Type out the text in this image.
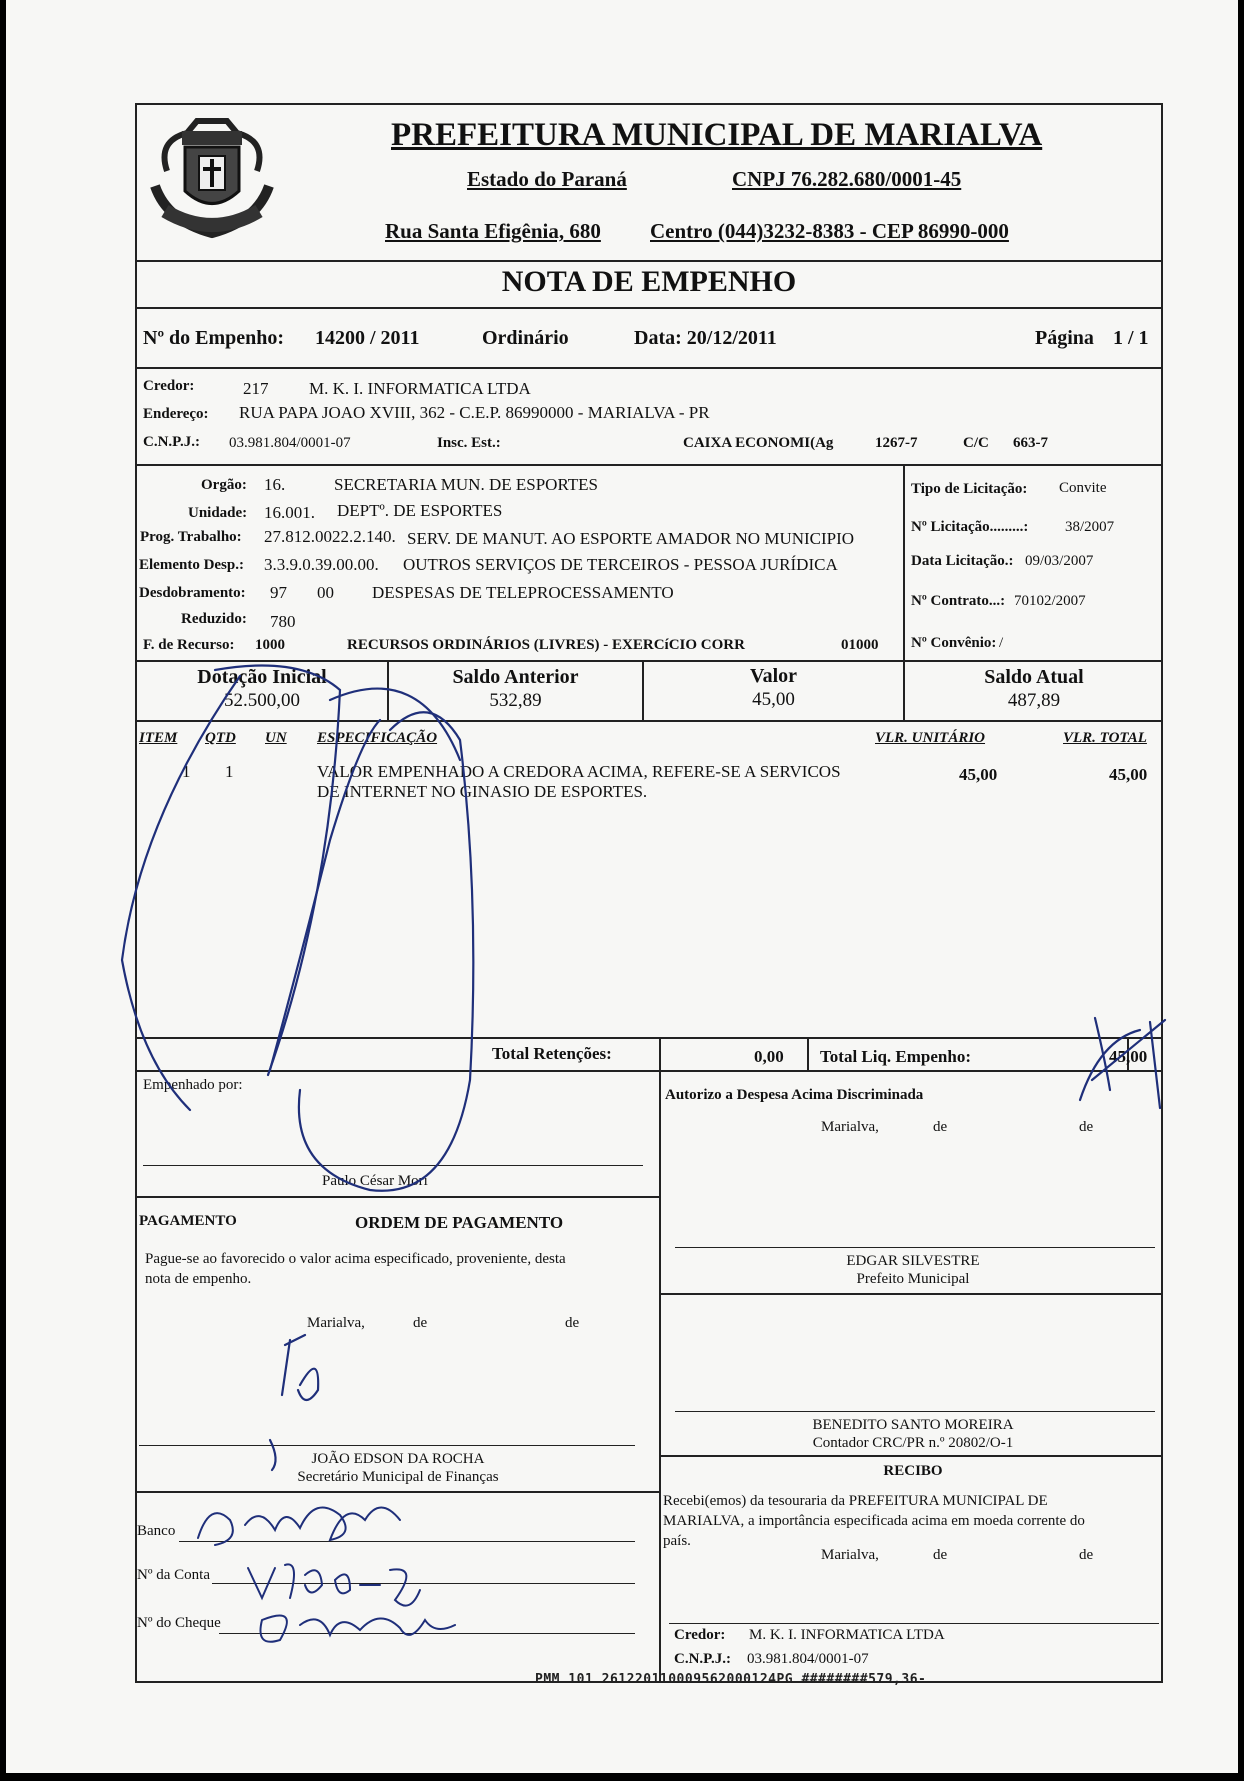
PREFEITURA MUNICIPAL DE MARIALVA
Estado do Paraná	CNPJ 76.282.680/0001-45
Rua Santa Efigênia, 680 Centro (044)3232-8383 - CEP 86990-000
NOTA DE EMPENHO
Nº do Empenho: 14200 / 2011	Ordinário	Data: 20/12/2011	Página 1 / 1
Credor:	217 M. K. I. INFORMATICA LTDA
Endereço: RUA PAPA JOAO XVIII, 362 - C.E.P. 86990000 - MARIALVA - PR
C.N.P.J.: 03.981.804/0001-07	Insc. Est.:	CAIXA ECONOMI(Ag	1267-7	C/C 663-7
Orgão: 16.	SECRETARIA MUN. DE ESPORTES
Unidade: 16.001. DEPTº. DE ESPORTES
Prog. Trabalho: 27.812.0022.2.140. SERV. DE MANUT. AO ESPORTE AMADOR NO MUNICIPIO
Elemento Desp.: 3.3.9.0.39.00.00. OUTROS SERVIÇOS DE TERCEIROS - PESSOA JURÍDICA
Desdobramento: 97 00 DESPESAS DE TELEPROCESSAMENTO
Reduzido: 780
F. de Recurso: 1000	RECURSOS ORDINÁRIOS (LIVRES) - EXERCíCIO CORR	01000
Tipo de Licitação: Convite
Nº Licitação.........: 38/2007
Data Licitação.: 09/03/2007
Nº Contrato...: 70102/2007
Nº Convênio: /
Dotação Inicial
52.500,00
Saldo Anterior
532,89
Valor
45,00
Saldo Atual
487,89
ITEM QTD UN ESPECIFICAÇÃO	VLR. UNITÁRIO	VLR. TOTAL
1 1	VALOR EMPENHADO A CREDORA ACIMA, REFERE-SE A SERVICOS
DE INTERNET NO GINASIO DE ESPORTES.
45,00	45,00
Total Retenções:	0,00 Total Liq. Empenho:	45,00
Empenhado por:
Paulo César Mori
PAGAMENTO	ORDEM DE PAGAMENTO
Pague-se ao favorecido o valor acima especificado, proveniente, desta
nota de empenho.
Marialva,	de	de
JOÃO EDSON DA ROCHA
Secretário Municipal de Finanças
Banco
Nº da Conta
Nº do Cheque
Autorizo a Despesa Acima Discriminada
Marialva,	de	de
EDGAR SILVESTRE
Prefeito Municipal
BENEDITO SANTO MOREIRA
Contador CRC/PR n.º 20802/O-1
RECIBO
Recebi(emos) da tesouraria da PREFEITURA MUNICIPAL DE
MARIALVA, a importância especificada acima em moeda corrente do
país.
Marialva,	de	de
Credor: M. K. I. INFORMATICA LTDA
C.N.P.J.: 03.981.804/0001-07
PMM 101 261220110009562000124PG ########579,36-
